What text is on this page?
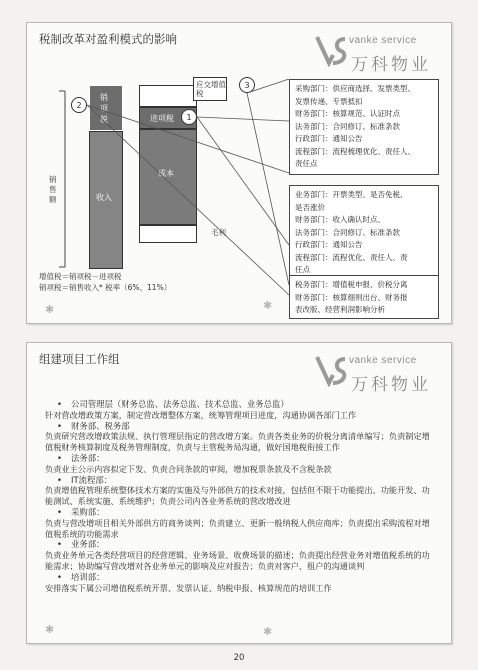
税制改革对盈利模式的影响	vanke service
万科物业
销售额
销项税
收入
进项税
成本
毛利
应交增值税
2
1
3	采购部门：供应商选择、发票类型、
发票传递、专票抵扣
财务部门：核算规范、认证时点
法务部门：合同修订、标准条款
行政部门：通知公告
流程部门：流程梳理优化、责任人、
责任点
业务部门：开票类型、是否免税、
是否涨价
财务部门：收入确认时点、
法务部门：合同修订、标准条款
行政部门：通知公告
流程部门：流程优化、责任人、责
任点
税务部门：增值税申报、价税分离
财务部门：核算细则出台、财务报
表改版、经营利润影响分析
增值税＝销项税－进项税
销项税＝销售收入* 税率（6%、11%）
✱	✱
组建项目工作组	vanke service
万科物业
• 公司管理层（财务总监、法务总监、技术总监、业务总监）

针对营改增政策方案，制定营改增整体方案，统筹管理项目进度，沟通协调各部门工作

• 财务部、税务部

负责研究营改增政策法规、执行管理层指定的营改增方案。负责各类业务的价税分离清单编写；负责制定增值税财务核算制度及税务管理制度，负责与主管税务局沟通，做好国地税衔接工作

• 法务部：

负责业主公示内容拟定下发、负责合同条款的审阅，增加税票条款及不含税条款

• IT流程部：

负责增值税管理系统整体技术方案的实施及与外部供方的技术对接，包括但不限于功能提出、功能开发、功能测试、系统实施、系统维护；负责公司内各业务系统的营改增改进

• 采购部：

负责与营改增项目相关外部供方的商务谈判；负责建立、更新一般纳税人供应商库；负责提出采购流程对增值税系统的功能需求

• 业务部：

负责业务单元各类经营项目的经营逻辑、业务场景、收费场景的描述；负责提出经营业务对增值税系统的功能需求；协助编写营改增对各业务单元的影响及应对报告；负责对客户、租户的沟通谈判

• 培训部：

安排落实下属公司增值税系统开票、发票认证、纳税申报、核算规范的培训工作

✱	✱
20
